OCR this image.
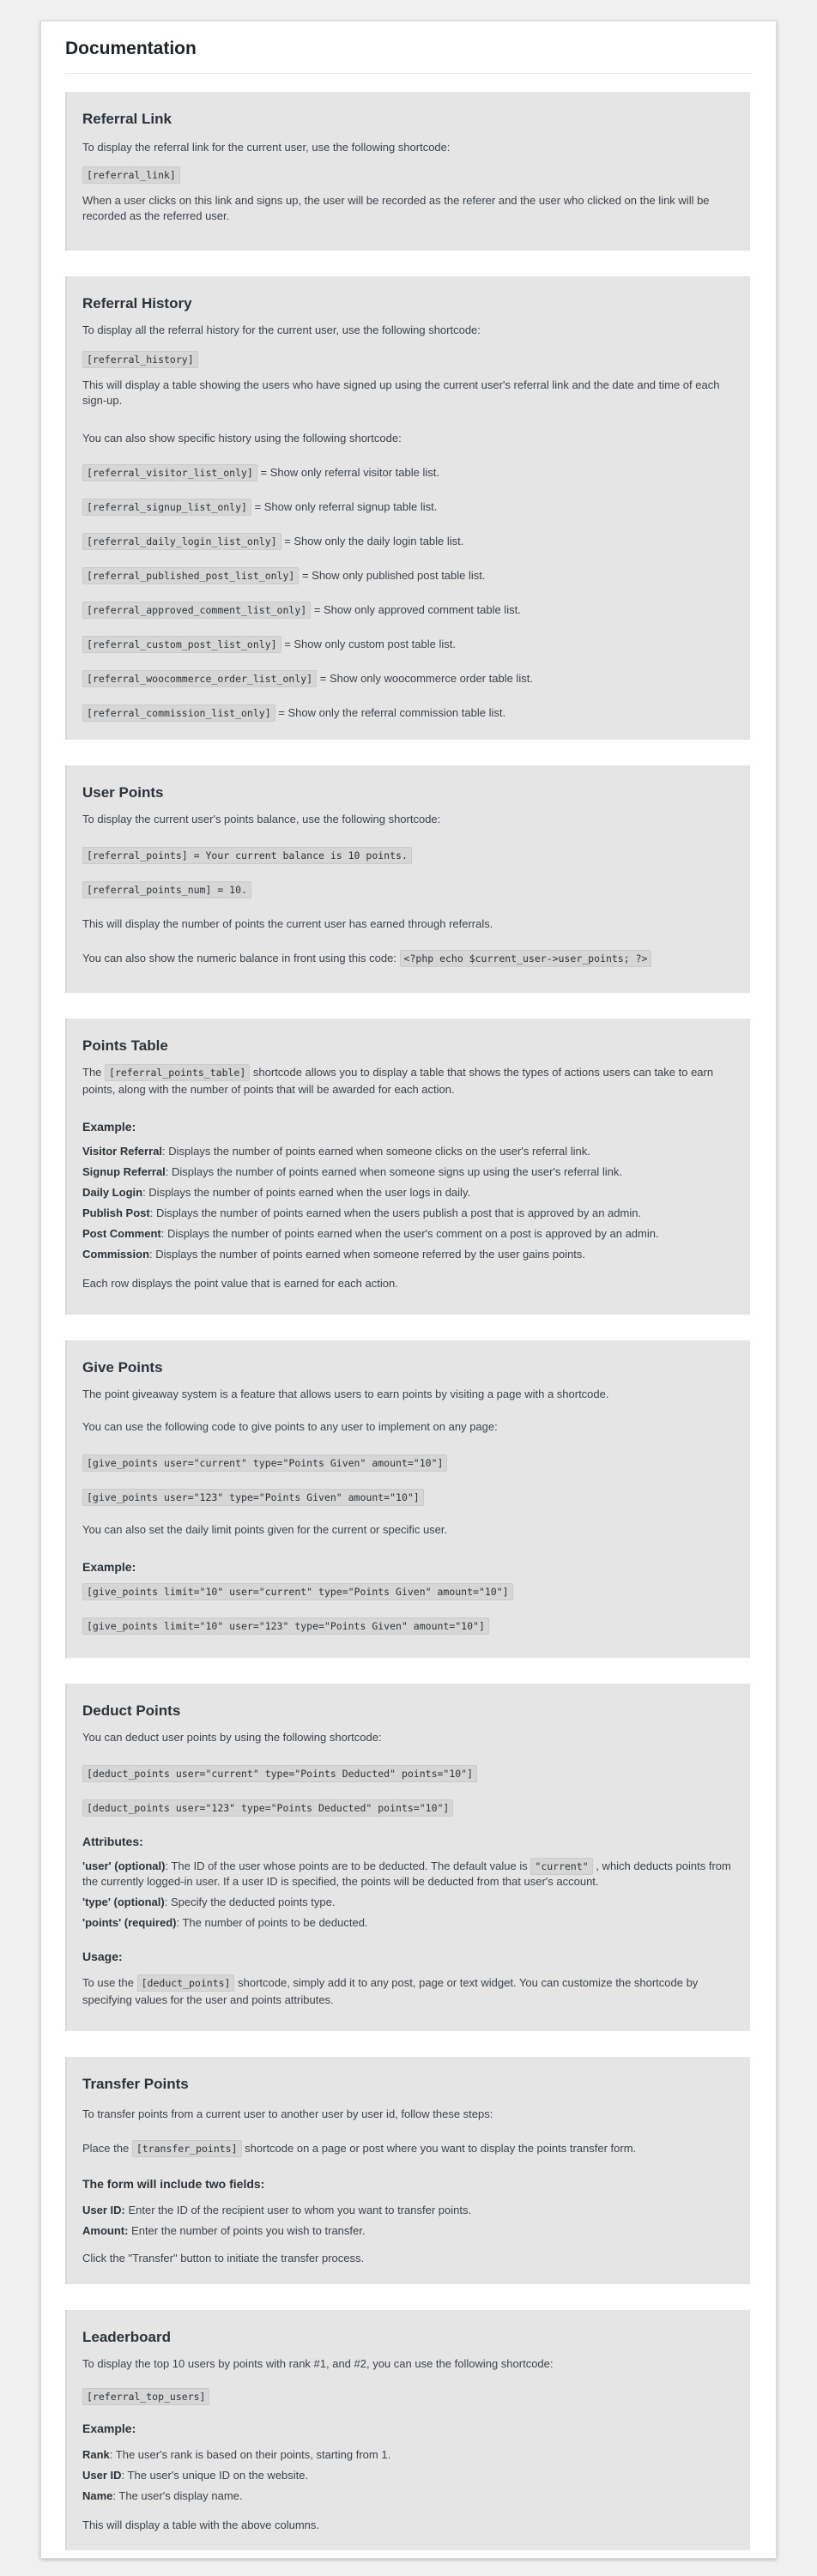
Documentation
Referral Link

To display the referral link for the current user, use the following shortcode:

[referral_link]

When a user clicks on this link and signs up, the user will be recorded as the referer and the user who clicked on the link will be recorded as the referred user.

Referral History

To display all the referral history for the current user, use the following shortcode:

[referral_history]

This will display a table showing the users who have signed up using the current user's referral link and the date and time of each sign-up.

You can also show specific history using the following shortcode:

[referral_visitor_list_only] = Show only referral visitor table list.

[referral_signup_list_only] = Show only referral signup table list.

[referral_daily_login_list_only] = Show only the daily login table list.

[referral_published_post_list_only] = Show only published post table list.

[referral_approved_comment_list_only] = Show only approved comment table list.

[referral_custom_post_list_only] = Show only custom post table list.

[referral_woocommerce_order_list_only] = Show only woocommerce order table list.

[referral_commission_list_only] = Show only the referral commission table list.

User Points

To display the current user's points balance, use the following shortcode:

[referral_points] = Your current balance is 10 points.

[referral_points_num] = 10.

This will display the number of points the current user has earned through referrals.

You can also show the numeric balance in front using this code: <?php echo $current_user->user_points; ?>

Points Table

The [referral_points_table] shortcode allows you to display a table that shows the types of actions users can take to earn

points, along with the number of points that will be awarded for each action.

Example:

Visitor Referral: Displays the number of points earned when someone clicks on the user's referral link.

Signup Referral: Displays the number of points earned when someone signs up using the user's referral link.

Daily Login: Displays the number of points earned when the user logs in daily.

Publish Post: Displays the number of points earned when the users publish a post that is approved by an admin.

Post Comment: Displays the number of points earned when the user's comment on a post is approved by an admin.

Commission: Displays the number of points earned when someone referred by the user gains points.

Each row displays the point value that is earned for each action.

Give Points

The point giveaway system is a feature that allows users to earn points by visiting a page with a shortcode.

You can use the following code to give points to any user to implement on any page:

[give_points user="current" type="Points Given" amount="10"]

[give_points user="123" type="Points Given" amount="10"]

You can also set the daily limit points given for the current or specific user.

Example:

[give_points limit="10" user="current" type="Points Given" amount="10"]

[give_points limit="10" user="123" type="Points Given" amount="10"]

Deduct Points

You can deduct user points by using the following shortcode:

[deduct_points user="current" type="Points Deducted" points="10"]

[deduct_points user="123" type="Points Deducted" points="10"]

Attributes:

'user' (optional): The ID of the user whose points are to be deducted. The default value is "current" , which deducts points from

the currently logged-in user. If a user ID is specified, the points will be deducted from that user's account.

'type' (optional): Specify the deducted points type.

'points' (required): The number of points to be deducted.

Usage:

To use the [deduct_points] shortcode, simply add it to any post, page or text widget. You can customize the shortcode by

specifying values for the user and points attributes.

Transfer Points

To transfer points from a current user to another user by user id, follow these steps:

Place the [transfer_points] shortcode on a page or post where you want to display the points transfer form.

The form will include two fields:

User ID: Enter the ID of the recipient user to whom you want to transfer points.

Amount: Enter the number of points you wish to transfer.

Click the "Transfer" button to initiate the transfer process.

Leaderboard

To display the top 10 users by points with rank #1, and #2, you can use the following shortcode:

[referral_top_users]

Example:

Rank: The user's rank is based on their points, starting from 1.

User ID: The user's unique ID on the website.

Name: The user's display name.

This will display a table with the above columns.
